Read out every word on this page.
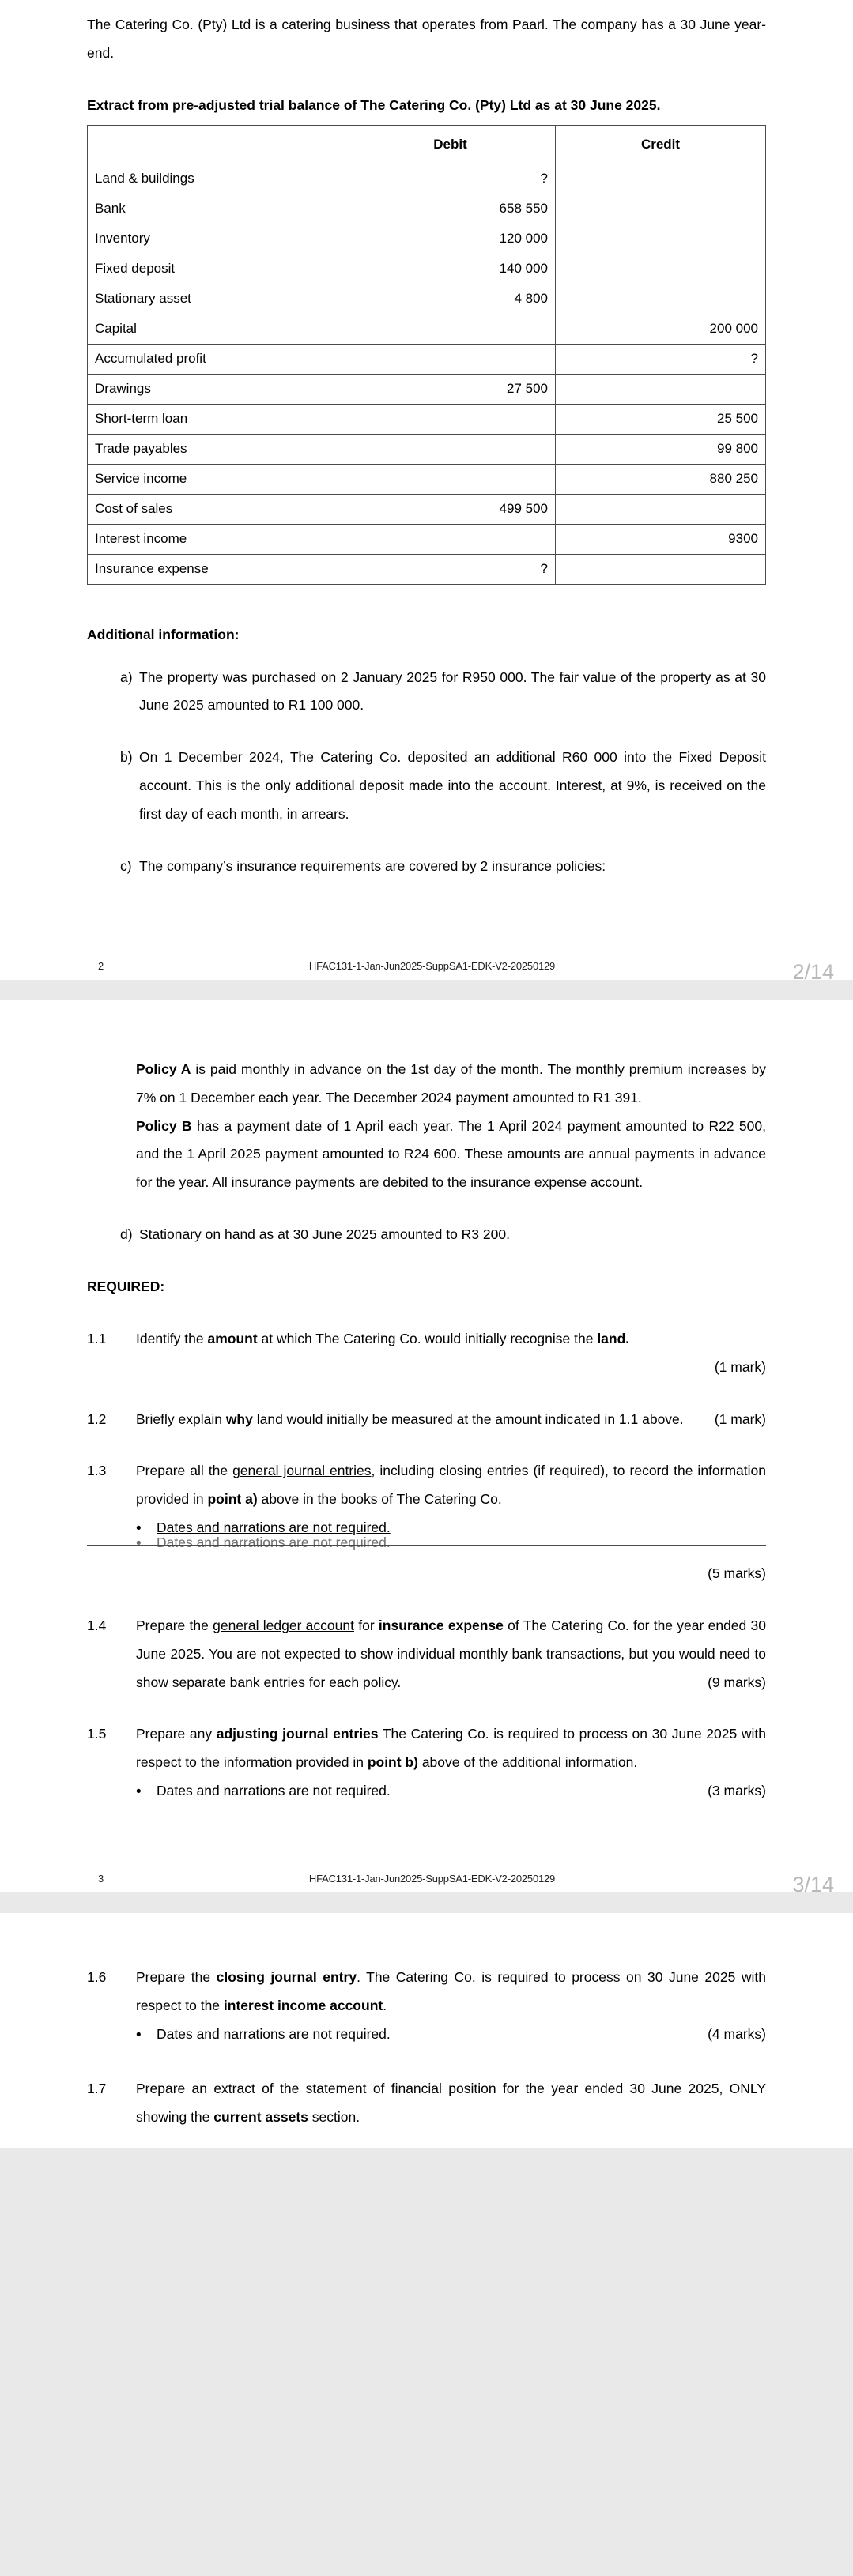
The Catering Co. (Pty) Ltd is a catering business that operates from Paarl. The company has a 30 June year-end.

Extract from pre-adjusted trial balance of The Catering Co. (Pty) Ltd as at 30 June 2025.

	Debit	Credit
Land & buildings	?	
Bank	658 550	
Inventory	120 000	
Fixed deposit	140 000	
Stationary asset	4 800	
Capital		200 000
Accumulated profit		?
Drawings	27 500	
Short-term loan		25 500
Trade payables		99 800
Service income		880 250
Cost of sales	499 500	
Interest income		9300
Insurance expense	?	

Additional information:

a) The property was purchased on 2 January 2025 for R950 000. The fair value of the property as at 30 June 2025 amounted to R1 100 000.
b) On 1 December 2024, The Catering Co. deposited an additional R60 000 into the Fixed Deposit account. This is the only additional deposit made into the account. Interest, at 9%, is received on the first day of each month, in arrears.
c) The company’s insurance requirements are covered by 2 insurance policies:
2	HFAC131-1-Jan-Jun2025-SuppSA1-EDK-V2-20250129	2/14

Policy A is paid monthly in advance on the 1st day of the month. The monthly premium increases by 7% on 1 December each year. The December 2024 payment amounted to R1 391.

Policy B has a payment date of 1 April each year. The 1 April 2024 payment amounted to R22 500, and the 1 April 2025 payment amounted to R24 600. These amounts are annual payments in advance for the year. All insurance payments are debited to the insurance expense account.

d) Stationary on hand as at 30 June 2025 amounted to R3 200.

REQUIRED:

1.1	Identify the amount at which The Catering Co. would initially recognise the land.
(1 mark)
1.2	Briefly explain why land would initially be measured at the amount indicated in 1.1 above.	(1 mark)
1.3	Prepare all the general journal entries, including closing entries (if required), to record the information provided in point a) above in the books of The Catering Co.
•	Dates and narrations are not required.
•	Dates and narrations are not required.
(5 marks)
1.4	Prepare the general ledger account for insurance expense of The Catering Co. for the year ended 30 June 2025. You are not expected to show individual monthly bank transactions, but you would need to show separate bank entries for each policy.	(9 marks)
1.5	Prepare any adjusting journal entries The Catering Co. is required to process on 30 June 2025 with respect to the information provided in point b) above of the additional information.
•	Dates and narrations are not required.	(3 marks)
3	HFAC131-1-Jan-Jun2025-SuppSA1-EDK-V2-20250129	3/14
1.6	Prepare the closing journal entry. The Catering Co. is required to process on 30 June 2025 with respect to the interest income account.
•	Dates and narrations are not required.	(4 marks)
1.7	Prepare an extract of the statement of financial position for the year ended 30 June 2025, ONLY showing the current assets section.
